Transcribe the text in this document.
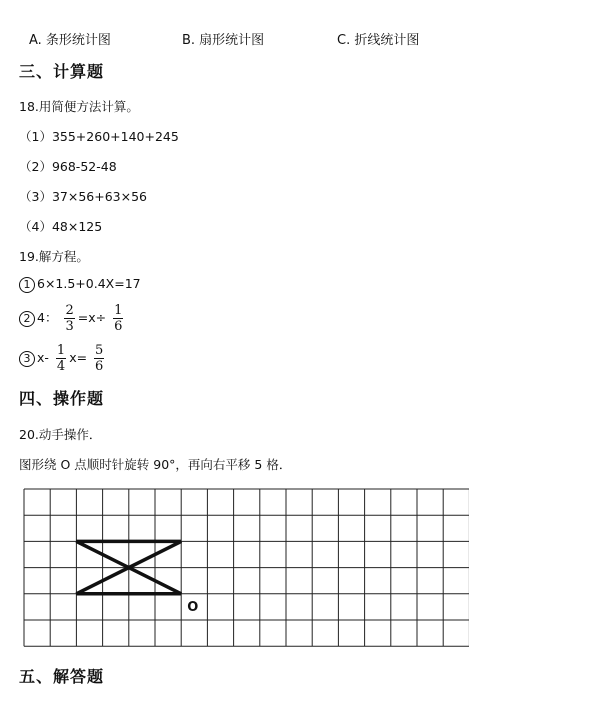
A. 条形统计图	B. 扇形统计图	C. 折线统计图
三、计算题
18.用简便方法计算。
（1）355+260+140+245
（2）968-52-48
（3）37×56+63×56
（4）48×125
19.解方程。
1 6×1.5+0.4X=17
2 4： $\frac{2}{3} =x\div \frac{1}{6}$
3 $x- \frac{1}{4} x= \frac{5}{6}$
四、操作题
20.动手操作．
图形绕 O 点顺时针旋转 90°，再向右平移 5 格．
O
五、解答题
